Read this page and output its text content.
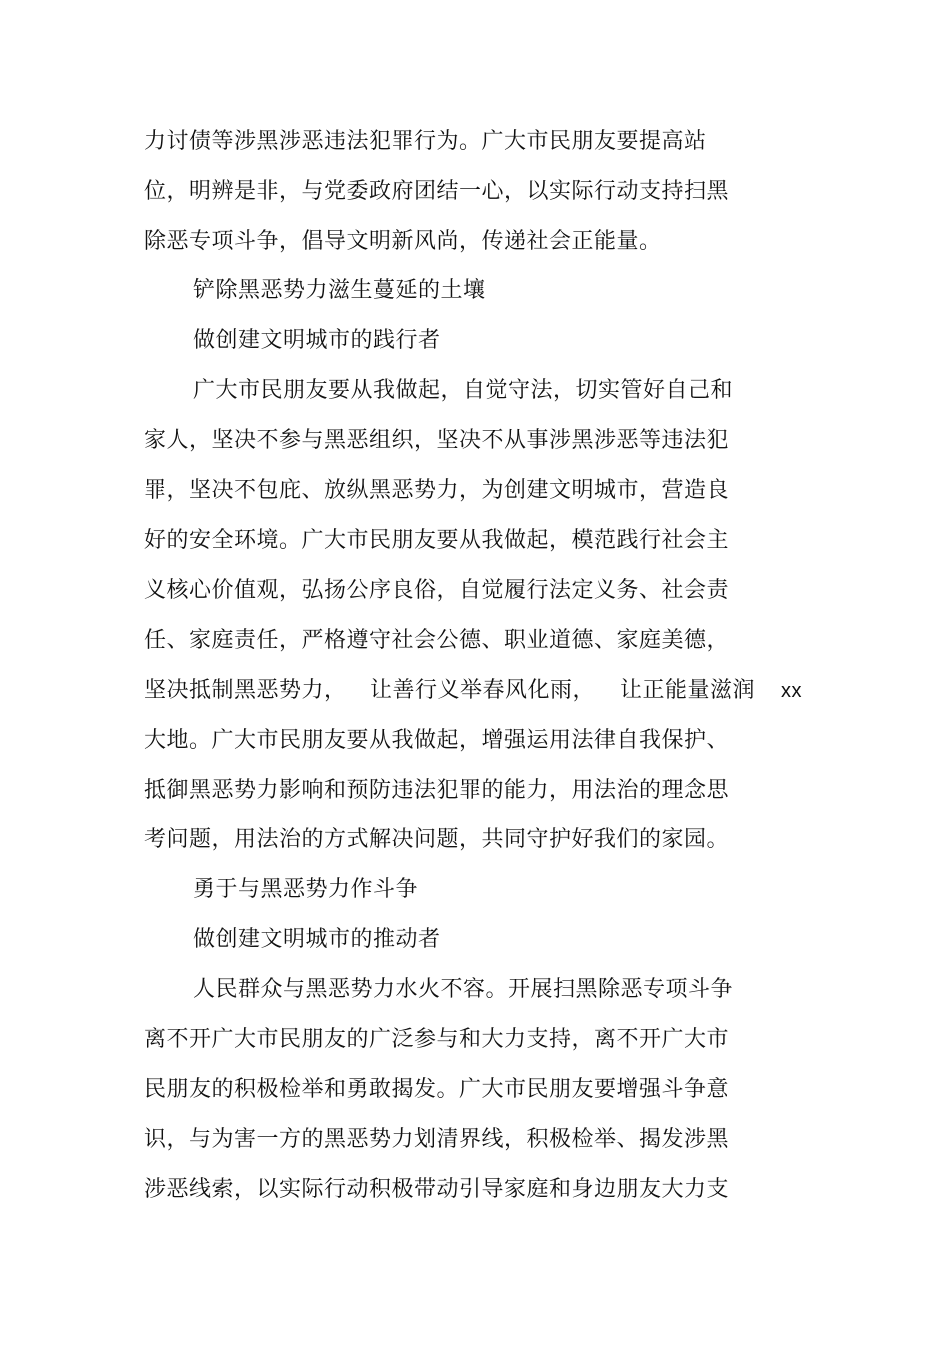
力讨债等涉黑涉恶违法犯罪行为。广大市民朋友要提高站
位，明辨是非，与党委政府团结一心，以实际行动支持扫黑
除恶专项斗争，倡导文明新风尚，传递社会正能量。
铲除黑恶势力滋生蔓延的土壤
做创建文明城市的践行者
广大市民朋友要从我做起，自觉守法，切实管好自己和
家人，坚决不参与黑恶组织，坚决不从事涉黑涉恶等违法犯
罪，坚决不包庇、放纵黑恶势力，为创建文明城市，营造良
好的安全环境。广大市民朋友要从我做起，模范践行社会主
义核心价值观，弘扬公序良俗，自觉履行法定义务、社会责
任、家庭责任，严格遵守社会公德、职业道德、家庭美德，
坚决抵制黑恶势力， 让善行义举春风化雨， 让正能量滋润 xx
大地。广大市民朋友要从我做起，增强运用法律自我保护、
抵御黑恶势力影响和预防违法犯罪的能力，用法治的理念思
考问题，用法治的方式解决问题，共同守护好我们的家园。
勇于与黑恶势力作斗争
做创建文明城市的推动者
人民群众与黑恶势力水火不容。开展扫黑除恶专项斗争
离不开广大市民朋友的广泛参与和大力支持，离不开广大市
民朋友的积极检举和勇敢揭发。广大市民朋友要增强斗争意
识，与为害一方的黑恶势力划清界线，积极检举、揭发涉黑
涉恶线索，以实际行动积极带动引导家庭和身边朋友大力支
